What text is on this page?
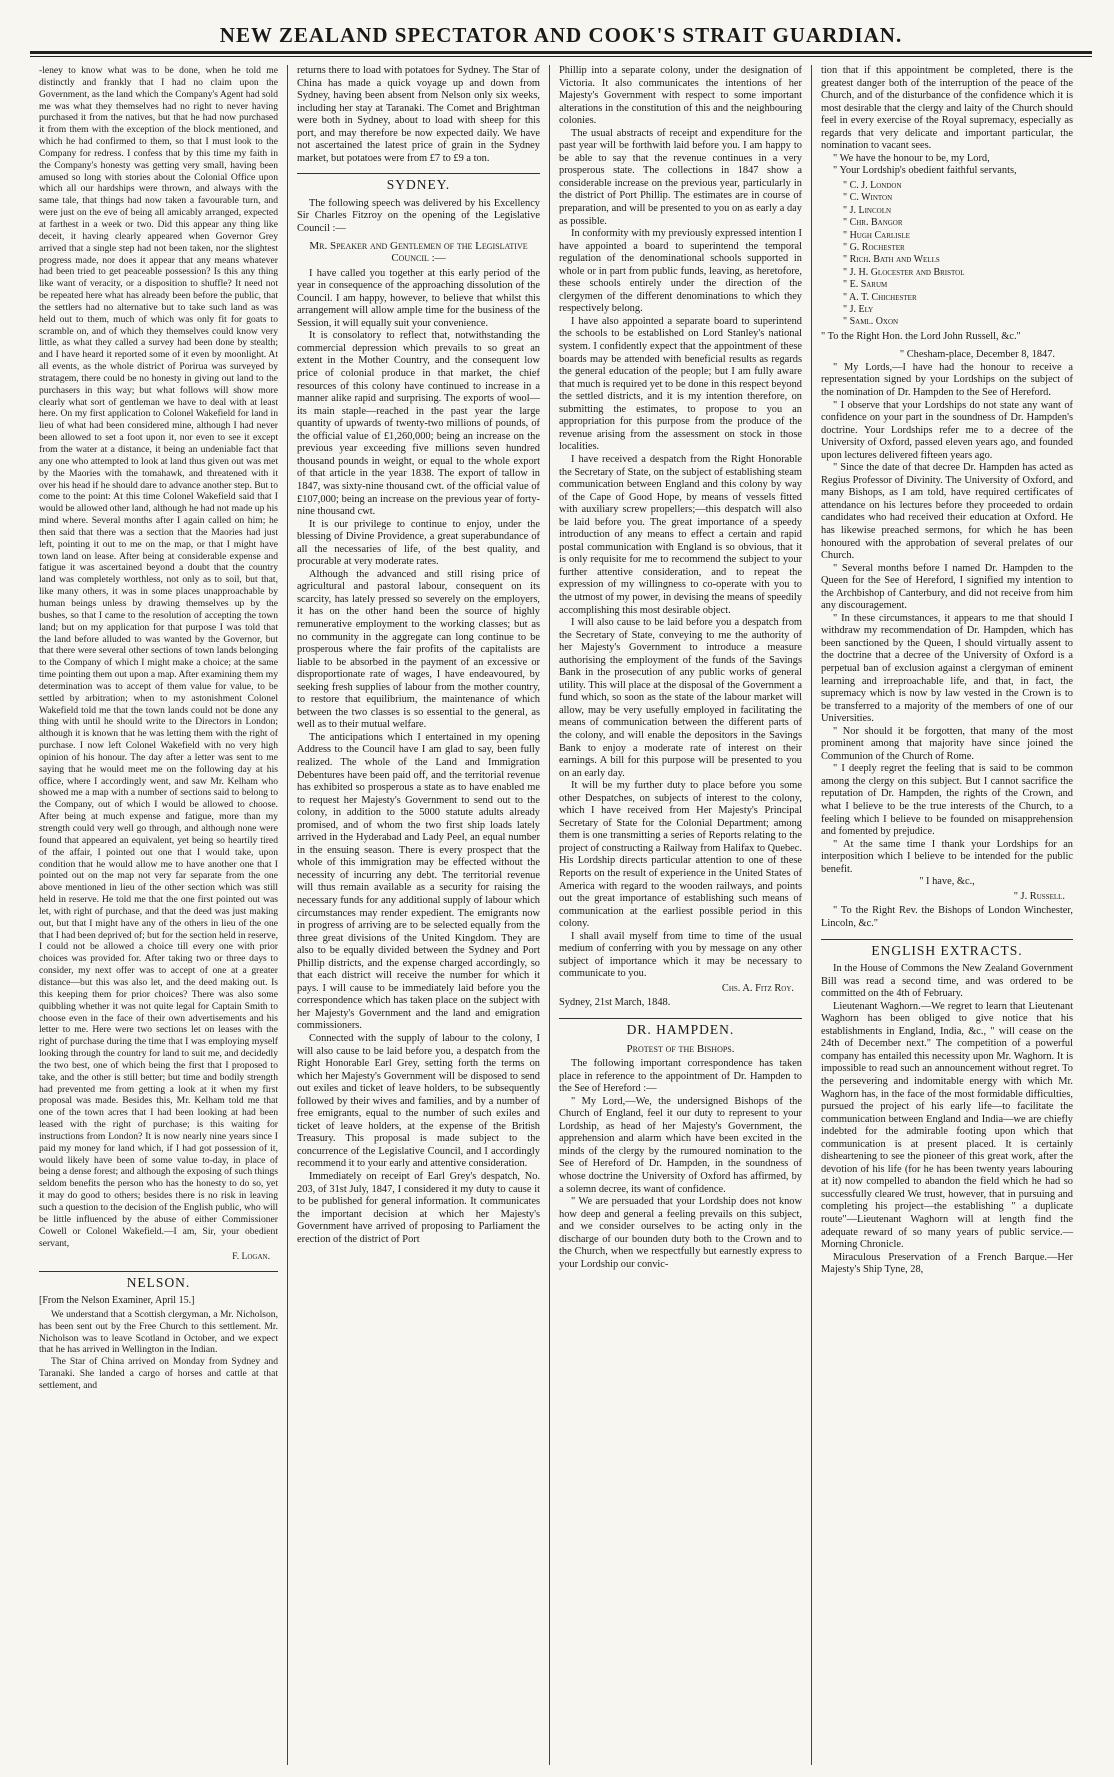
NEW ZEALAND SPECTATOR AND COOK'S STRAIT GUARDIAN.

-leney to know what was to be done, when he told me distinctly and frankly that I had no claim upon the Government, as the land which the Company's Agent had sold me was what they themselves had no right to never having purchased it from the natives, but that he had now purchased it from them with the exception of the block mentioned, and which he had confirmed to them, so that I must look to the Company for redress. I confess that by this time my faith in the Company's honesty was getting very small, having been amused so long with stories about the Colonial Office upon which all our hardships were thrown, and always with the same tale, that things had now taken a favourable turn, and were just on the eve of being all amicably arranged, expected at farthest in a week or two. Did this appear any thing like deceit, it having clearly appeared when Governor Grey arrived that a single step had not been taken, nor the slightest progress made, nor does it appear that any means whatever had been tried to get peaceable possession? Is this any thing like want of veracity, or a disposition to shuffle? It need not be repeated here what has already been before the public, that the settlers had no alternative but to take such land as was held out to them, much of which was only fit for goats to scramble on, and of which they themselves could know very little, as what they called a survey had been done by stealth; and I have heard it reported some of it even by moonlight. At all events, as the whole district of Porirua was surveyed by stratagem, there could be no honesty in giving out land to the purchasers in this way; but what follows will show more clearly what sort of gentleman we have to deal with at least here. On my first application to Colonel Wakefield for land in lieu of what had been considered mine, although I had never been allowed to set a foot upon it, nor even to see it except from the water at a distance, it being an undeniable fact that any one who attempted to look at land thus given out was met by the Maories with the tomahawk, and threatened with it over his head if he should dare to advance another step. But to come to the point: At this time Colonel Wakefield said that I would be allowed other land, although he had not made up his mind where. Several months after I again called on him; he then said that there was a section that the Maories had just left, pointing it out to me on the map, or that I might have town land on lease. After being at considerable expense and fatigue it was ascertained beyond a doubt that the country land was completely worthless, not only as to soil, but that, like many others, it was in some places unapproachable by human beings unless by drawing themselves up by the bushes, so that I came to the resolution of accepting the town land; but on my application for that purpose I was told that the land before alluded to was wanted by the Governor, but that there were several other sections of town lands belonging to the Company of which I might make a choice; at the same time pointing them out upon a map. After examining them my determination was to accept of them value for value, to be settled by arbitration; when to my astonishment Colonel Wakefield told me that the town lands could not be done any thing with until he should write to the Directors in London; although it is known that he was letting them with the right of purchase. I now left Colonel Wakefield with no very high opinion of his honour. The day after a letter was sent to me saying that he would meet me on the following day at his office, where I accordingly went, and saw Mr. Kelham who showed me a map with a number of sections said to belong to the Company, out of which I would be allowed to choose. After being at much expense and fatigue, more than my strength could very well go through, and although none were found that appeared an equivalent, yet being so heartily tired of the affair, I pointed out one that I would take, upon condition that he would allow me to have another one that I pointed out on the map not very far separate from the one above mentioned in lieu of the other section which was still held in reserve. He told me that the one first pointed out was let, with right of purchase, and that the deed was just making out, but that I might have any of the others in lieu of the one that I had been deprived of; but for the section held in reserve, I could not be allowed a choice till every one with prior choices was provided for. After taking two or three days to consider, my next offer was to accept of one at a greater distance—but this was also let, and the deed making out. Is this keeping them for prior choices? There was also some quibbling whether it was not quite legal for Captain Smith to choose even in the face of their own advertisements and his letter to me. Here were two sections let on leases with the right of purchase during the time that I was employing myself looking through the country for land to suit me, and decidedly the two best, one of which being the first that I proposed to take, and the other is still better; but time and bodily strength had prevented me from getting a look at it when my first proposal was made. Besides this, Mr. Kelham told me that one of the town acres that I had been looking at had been leased with the right of purchase; is this waiting for instructions from London? It is now nearly nine years since I paid my money for land which, if I had got possession of it, would likely have been of some value to-day, in place of being a dense forest; and although the exposing of such things seldom benefits the person who has the honesty to do so, yet it may do good to others; besides there is no risk in leaving such a question to the decision of the English public, who will be little influenced by the abuse of either Commissioner Cowell or Colonel Wakefield.—I am, Sir, your obedient servant,

F. Logan.
NELSON.
[From the Nelson Examiner, April 15.]

We understand that a Scottish clergyman, a Mr. Nicholson, has been sent out by the Free Church to this settlement. Mr. Nicholson was to leave Scotland in October, and we expect that he has arrived in Wellington in the Indian.

The Star of China arrived on Monday from Sydney and Taranaki. She landed a cargo of horses and cattle at that settlement, and

returns there to load with potatoes for Sydney. The Star of China has made a quick voyage up and down from Sydney, having been absent from Nelson only six weeks, including her stay at Taranaki. The Comet and Brightman were both in Sydney, about to load with sheep for this port, and may therefore be now expected daily. We have not ascertained the latest price of grain in the Sydney market, but potatoes were from £7 to £9 a ton.

SYDNEY.

The following speech was delivered by his Excellency Sir Charles Fitzroy on the opening of the Legislative Council :—

Mr. Speaker and Gentlemen of the Legislative Council :—

I have called you together at this early period of the year in consequence of the approaching dissolution of the Council. I am happy, however, to believe that whilst this arrangement will allow ample time for the business of the Session, it will equally suit your convenience.

It is consolatory to reflect that, notwithstanding the commercial depression which prevails to so great an extent in the Mother Country, and the consequent low price of colonial produce in that market, the chief resources of this colony have continued to increase in a manner alike rapid and surprising. The exports of wool—its main staple—reached in the past year the large quantity of upwards of twenty-two millions of pounds, of the official value of £1,260,000; being an increase on the previous year exceeding five millions seven hundred thousand pounds in weight, or equal to the whole export of that article in the year 1838. The export of tallow in 1847, was sixty-nine thousand cwt. of the official value of £107,000; being an increase on the previous year of forty-nine thousand cwt.

It is our privilege to continue to enjoy, under the blessing of Divine Providence, a great superabundance of all the necessaries of life, of the best quality, and procurable at very moderate rates.

Although the advanced and still rising price of agricultural and pastoral labour, consequent on its scarcity, has lately pressed so severely on the employers, it has on the other hand been the source of highly remunerative employment to the working classes; but as no community in the aggregate can long continue to be prosperous where the fair profits of the capitalists are liable to be absorbed in the payment of an excessive or disproportionate rate of wages, I have endeavoured, by seeking fresh supplies of labour from the mother country, to restore that equilibrium, the maintenance of which between the two classes is so essential to the general, as well as to their mutual welfare.

The anticipations which I entertained in my opening Address to the Council have I am glad to say, been fully realized. The whole of the Land and Immigration Debentures have been paid off, and the territorial revenue has exhibited so prosperous a state as to have enabled me to request her Majesty's Government to send out to the colony, in addition to the 5000 statute adults already promised, and of whom the two first ship loads lately arrived in the Hyderabad and Lady Peel, an equal number in the ensuing season. There is every prospect that the whole of this immigration may be effected without the necessity of incurring any debt. The territorial revenue will thus remain available as a security for raising the necessary funds for any additional supply of labour which circumstances may render expedient. The emigrants now in progress of arriving are to be selected equally from the three great divisions of the United Kingdom. They are also to be equally divided between the Sydney and Port Phillip districts, and the expense charged accordingly, so that each district will receive the number for which it pays. I will cause to be immediately laid before you the correspondence which has taken place on the subject with her Majesty's Government and the land and emigration commissioners.

Connected with the supply of labour to the colony, I will also cause to be laid before you, a despatch from the Right Honorable Earl Grey, setting forth the terms on which her Majesty's Government will be disposed to send out exiles and ticket of leave holders, to be subsequently followed by their wives and families, and by a number of free emigrants, equal to the number of such exiles and ticket of leave holders, at the expense of the British Treasury. This proposal is made subject to the concurrence of the Legislative Council, and I accordingly recommend it to your early and attentive consideration.

Immediately on receipt of Earl Grey's despatch, No. 203, of 31st July, 1847, I considered it my duty to cause it to be published for general information. It communicates the important decision at which her Majesty's Government have arrived of proposing to Parliament the erection of the district of Port

Phillip into a separate colony, under the designation of Victoria. It also communicates the intentions of her Majesty's Government with respect to some important alterations in the constitution of this and the neighbouring colonies.

The usual abstracts of receipt and expenditure for the past year will be forthwith laid before you. I am happy to be able to say that the revenue continues in a very prosperous state. The collections in 1847 show a considerable increase on the previous year, particularly in the district of Port Phillip. The estimates are in course of preparation, and will be presented to you on as early a day as possible.

In conformity with my previously expressed intention I have appointed a board to superintend the temporal regulation of the denominational schools supported in whole or in part from public funds, leaving, as heretofore, these schools entirely under the direction of the clergymen of the different denominations to which they respectively belong.

I have also appointed a separate board to superintend the schools to be established on Lord Stanley's national system. I confidently expect that the appointment of these boards may be attended with beneficial results as regards the general education of the people; but I am fully aware that much is required yet to be done in this respect beyond the settled districts, and it is my intention therefore, on submitting the estimates, to propose to you an appropriation for this purpose from the produce of the revenue arising from the assessment on stock in those localities.

I have received a despatch from the Right Honorable the Secretary of State, on the subject of establishing steam communication between England and this colony by way of the Cape of Good Hope, by means of vessels fitted with auxiliary screw propellers;—this despatch will also be laid before you. The great importance of a speedy introduction of any means to effect a certain and rapid postal communication with England is so obvious, that it is only requisite for me to recommend the subject to your further attentive consideration, and to repeat the expression of my willingness to co-operate with you to the utmost of my power, in devising the means of speedily accomplishing this most desirable object.

I will also cause to be laid before you a despatch from the Secretary of State, conveying to me the authority of her Majesty's Government to introduce a measure authorising the employment of the funds of the Savings Bank in the prosecution of any public works of general utility. This will place at the disposal of the Government a fund which, so soon as the state of the labour market will allow, may be very usefully employed in facilitating the means of communication between the different parts of the colony, and will enable the depositors in the Savings Bank to enjoy a moderate rate of interest on their earnings. A bill for this purpose will be presented to you on an early day.

It will be my further duty to place before you some other Despatches, on subjects of interest to the colony, which I have received from Her Majesty's Principal Secretary of State for the Colonial Department; among them is one transmitting a series of Reports relating to the project of constructing a Railway from Halifax to Quebec. His Lordship directs particular attention to one of these Reports on the result of experience in the United States of America with regard to the wooden railways, and points out the great importance of establishing such means of communication at the earliest possible period in this colony.

I shall avail myself from time to time of the usual medium of conferring with you by message on any other subject of importance which it may be necessary to communicate to you.

Chs. A. Fitz Roy.
Sydney, 21st March, 1848.
DR. HAMPDEN.
Protest of the Bishops.

The following important correspondence has taken place in reference to the appointment of Dr. Hampden to the See of Hereford :—

" My Lord,—We, the undersigned Bishops of the Church of England, feel it our duty to represent to your Lordship, as head of her Majesty's Government, the apprehension and alarm which have been excited in the minds of the clergy by the rumoured nomination to the See of Hereford of Dr. Hampden, in the soundness of whose doctrine the University of Oxford has affirmed, by a solemn decree, its want of confidence.

" We are persuaded that your Lordship does not know how deep and general a feeling prevails on this subject, and we consider ourselves to be acting only in the discharge of our bounden duty both to the Crown and to the Church, when we respectfully but earnestly express to your Lordship our convic-

tion that if this appointment be completed, there is the greatest danger both of the interruption of the peace of the Church, and of the disturbance of the confidence which it is most desirable that the clergy and laity of the Church should feel in every exercise of the Royal supremacy, especially as regards that very delicate and important particular, the nomination to vacant sees.

" We have the honour to be, my Lord,

" Your Lordship's obedient faithful servants,

" C. J. London
" C. Winton
" J. Lincoln
" Chr. Bangor
" Hugh Carlisle
" G. Rochester
" Rich. Bath and Wells
" J. H. Glocester and Bristol
" E. Sarum
" A. T. Chichester
" J. Ely
" Saml. Oxon

" To the Right Hon. the Lord John Russell, &c."

" Chesham-place, December 8, 1847.

" My Lords,—I have had the honour to receive a representation signed by your Lordships on the subject of the nomination of Dr. Hampden to the See of Hereford.

" I observe that your Lordships do not state any want of confidence on your part in the soundness of Dr. Hampden's doctrine. Your Lordships refer me to a decree of the University of Oxford, passed eleven years ago, and founded upon lectures delivered fifteen years ago.

" Since the date of that decree Dr. Hampden has acted as Regius Professor of Divinity. The University of Oxford, and many Bishops, as I am told, have required certificates of attendance on his lectures before they proceeded to ordain candidates who had received their education at Oxford. He has likewise preached sermons, for which he has been honoured with the approbation of several prelates of our Church.

" Several months before I named Dr. Hampden to the Queen for the See of Hereford, I signified my intention to the Archbishop of Canterbury, and did not receive from him any discouragement.

" In these circumstances, it appears to me that should I withdraw my recommendation of Dr. Hampden, which has been sanctioned by the Queen, I should virtually assent to the doctrine that a decree of the University of Oxford is a perpetual ban of exclusion against a clergyman of eminent learning and irreproachable life, and that, in fact, the supremacy which is now by law vested in the Crown is to be transferred to a majority of the members of one of our Universities.

" Nor should it be forgotten, that many of the most prominent among that majority have since joined the Communion of the Church of Rome.

" I deeply regret the feeling that is said to be common among the clergy on this subject. But I cannot sacrifice the reputation of Dr. Hampden, the rights of the Crown, and what I believe to be the true interests of the Church, to a feeling which I believe to be founded on misapprehension and fomented by prejudice.

" At the same time I thank your Lordships for an interposition which I believe to be intended for the public benefit.

" I have, &c.,
" J. Russell.

" To the Right Rev. the Bishops of London Winchester, Lincoln, &c."

ENGLISH EXTRACTS.

In the House of Commons the New Zealand Government Bill was read a second time, and was ordered to be committed on the 4th of February.

Lieutenant Waghorn.—We regret to learn that Lieutenant Waghorn has been obliged to give notice that his establishments in England, India, &c., " will cease on the 24th of December next." The competition of a powerful company has entailed this necessity upon Mr. Waghorn. It is impossible to read such an announcement without regret. To the persevering and indomitable energy with which Mr. Waghorn has, in the face of the most formidable difficulties, pursued the project of his early life—to facilitate the communication between England and India—we are chiefly indebted for the admirable footing upon which that communication is at present placed. It is certainly disheartening to see the pioneer of this great work, after the devotion of his life (for he has been twenty years labouring at it) now compelled to abandon the field which he had so successfully cleared We trust, however, that in pursuing and completing his project—the establishing " a duplicate route"—Lieutenant Waghorn will at length find the adequate reward of so many years of public service.—Morning Chronicle.

Miraculous Preservation of a French Barque.—Her Majesty's Ship Tyne, 28,
